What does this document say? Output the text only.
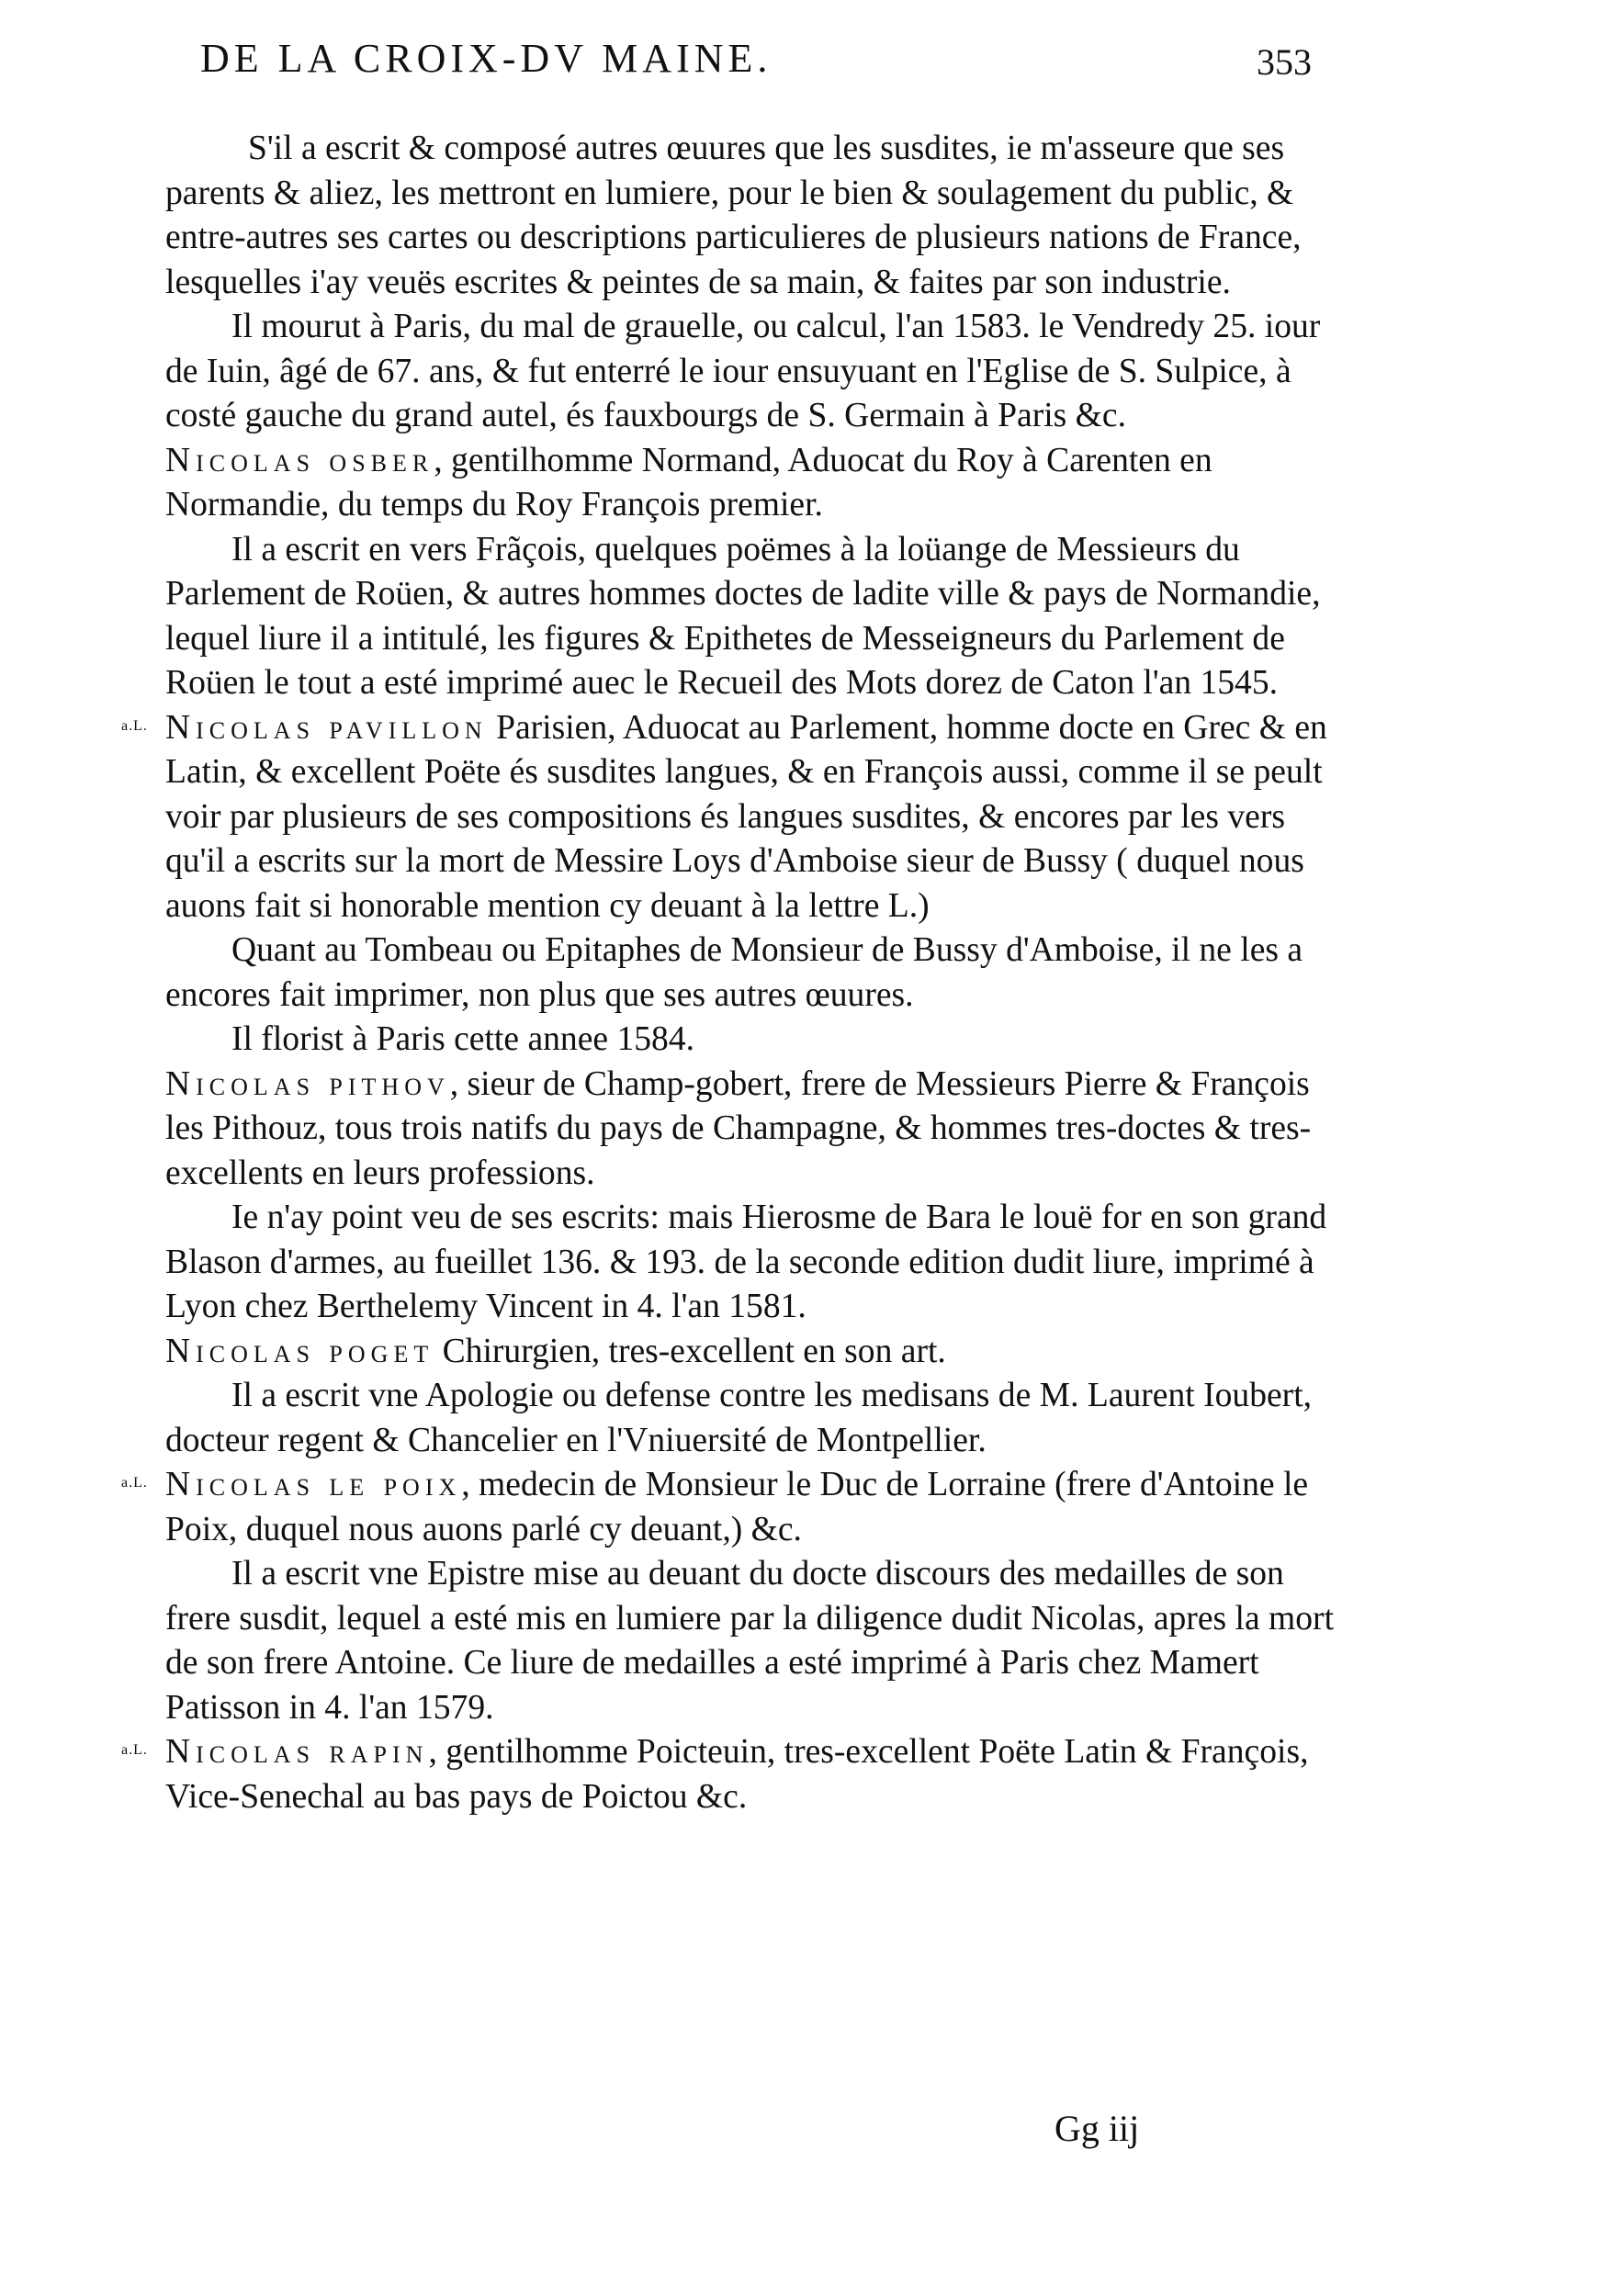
DE LA CROIX-DV MAINE.	353

S'il a escrit & composé autres œuures que les susdites, ie m'asseure que ses parents & aliez, les mettront en lumiere, pour le bien & soulagement du public, & entre-autres ses cartes ou descriptions particulieres de plusieurs nations de France, lesquelles i'ay veuës escrites & peintes de sa main, & faites par son industrie.

Il mourut à Paris, du mal de grauelle, ou calcul, l'an 1583. le Vendredy 25. iour de Iuin, âgé de 67. ans, & fut enterré le iour ensuyuant en l'Eglise de S. Sulpice, à costé gauche du grand autel, és fauxbourgs de S. Germain à Paris &c.

Nicolas osber, gentilhomme Normand, Aduocat du Roy à Carenten en Normandie, du temps du Roy François premier.

Il a escrit en vers Frãçois, quelques poëmes à la loüange de Messieurs du Parlement de Roüen, & autres hommes doctes de ladite ville & pays de Normandie, lequel liure il a intitulé, les figures & Epithetes de Messeigneurs du Parlement de Roüen le tout a esté imprimé auec le Recueil des Mots dorez de Caton l'an 1545.

a.L. Nicolas pavillon Parisien, Aduocat au Parlement, homme docte en Grec & en Latin, & excellent Poëte és susdites langues, & en François aussi, comme il se peult voir par plusieurs de ses compositions és langues susdites, & encores par les vers qu'il a escrits sur la mort de Messire Loys d'Amboise sieur de Bussy ( duquel nous auons fait si honorable mention cy deuant à la lettre L.)

Quant au Tombeau ou Epitaphes de Monsieur de Bussy d'Amboise, il ne les a encores fait imprimer, non plus que ses autres œuures.

Il florist à Paris cette annee 1584.

Nicolas pithov, sieur de Champ-gobert, frere de Messieurs Pierre & François les Pithouz, tous trois natifs du pays de Champagne, & hommes tres-doctes & tres-excellents en leurs professions.

Ie n'ay point veu de ses escrits: mais Hierosme de Bara le louë for en son grand Blason d'armes, au fueillet 136. & 193. de la seconde edition dudit liure, imprimé à Lyon chez Berthelemy Vincent in 4. l'an 1581.

Nicolas poget Chirurgien, tres-excellent en son art.

Il a escrit vne Apologie ou defense contre les medisans de M. Laurent Ioubert, docteur regent & Chancelier en l'Vniuersité de Montpellier.

a.L. Nicolas le poix, medecin de Monsieur le Duc de Lorraine (frere d'Antoine le Poix, duquel nous auons parlé cy deuant,) &c.

Il a escrit vne Epistre mise au deuant du docte discours des medailles de son frere susdit, lequel a esté mis en lumiere par la diligence dudit Nicolas, apres la mort de son frere Antoine. Ce liure de medailles a esté imprimé à Paris chez Mamert Patisson in 4. l'an 1579.

a.L. Nicolas rapin, gentilhomme Poicteuin, tres-excellent Poëte Latin & François, Vice-Senechal au bas pays de Poictou &c.

Gg iij
